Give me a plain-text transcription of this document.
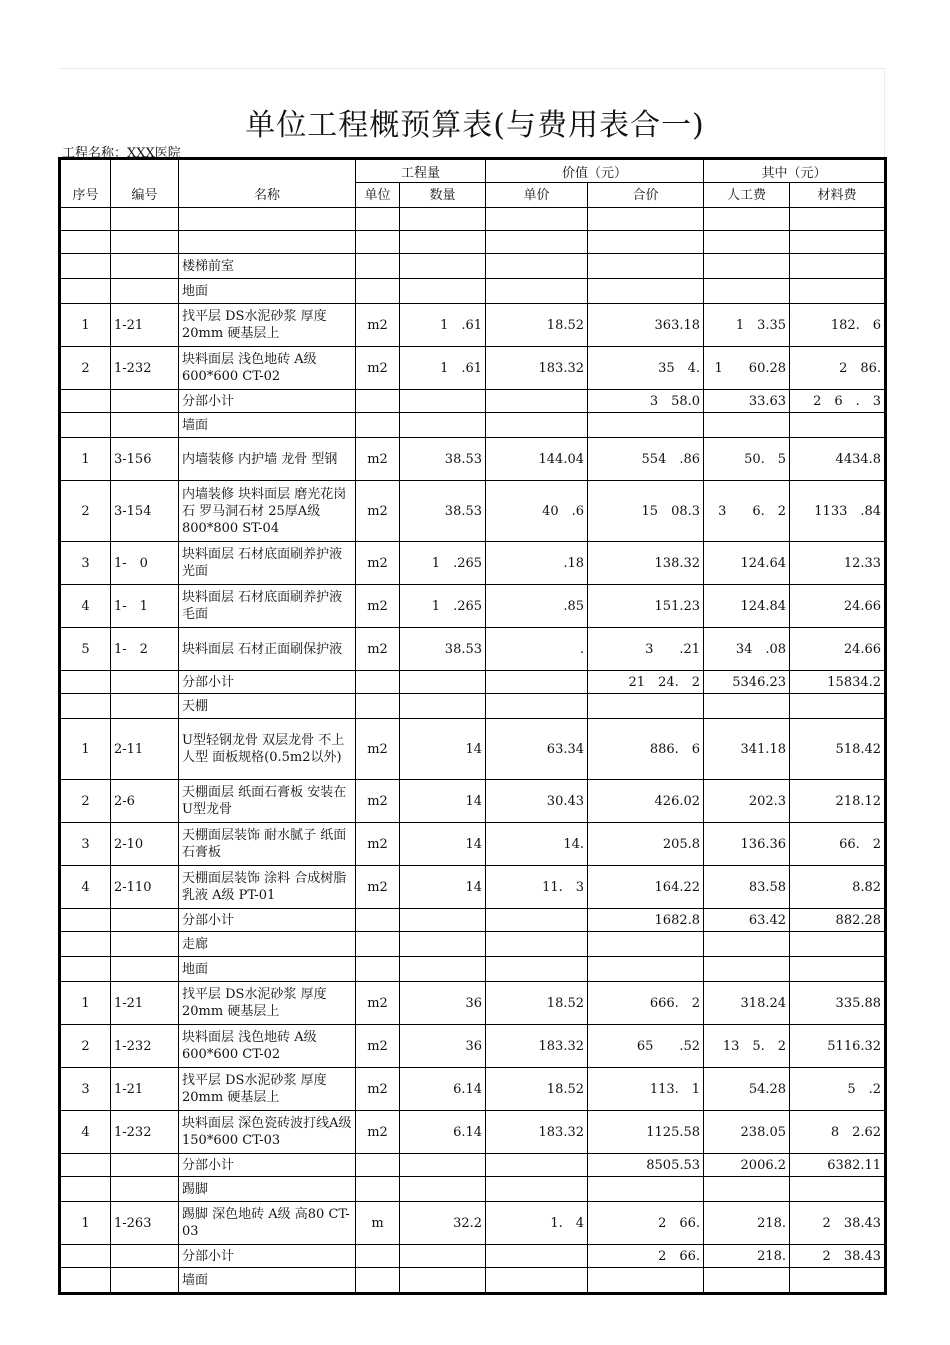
单位工程概预算表(与费用表合一)
工程名称：XXX医院
序号	编号	名称	工程量		价值（元）		其中（元）	
			单位	数量	单价	合价	人工费	材料费

		楼梯前室						
		地面						
1	1-21	找平层 DS水泥砂浆 厚度20mm 硬基层上	m2	1　.61	18.52	363.18	1　3.35	182.　6
2	1-232	块料面层 浅色地砖 A级600*600 CT-02	m2	1　.61	183.32	35　4.	1　　60.28	2　86.
		分部小计				3　58.0	33.63	2　6　.　3
		墙面						
1	3-156	内墙装修 内护墙 龙骨 型钢	m2	38.53	144.04	554　.86	50.　5	4434.8
2	3-154	内墙装修 块料面层 磨光花岗石 罗马洞石材 25厚A级 800*800 ST-04	m2	38.53	40　.6	15　08.3	3　　6.　2	1133　.84
3	1-　0	块料面层 石材底面刷养护液 光面	m2	1　.265	.18	138.32	124.64	12.33
4	1-　1	块料面层 石材底面刷养护液 毛面	m2	1　.265	.85	151.23	124.84	24.66
5	1-　2	块料面层 石材正面刷保护液	m2	38.53	.	3　　.21	34　.08	24.66
		分部小计				21　24.　2	5346.23	15834.2
		天棚						
1	2-11	U型轻钢龙骨 双层龙骨 不上人型 面板规格(0.5m2以外)	m2	14	63.34	886.　6	341.18	518.42
2	2-6	天棚面层 纸面石膏板 安装在U型龙骨	m2	14	30.43	426.02	202.3	218.12
3	2-10	天棚面层装饰 耐水腻子 纸面石膏板	m2	14	14.	205.8	136.36	66.　2
4	2-110	天棚面层装饰 涂料 合成树脂乳液 A级 PT-01	m2	14	11.　3	164.22	83.58	8.82
		分部小计				1682.8	63.42	882.28
		走廊						
		地面						
1	1-21	找平层 DS水泥砂浆 厚度20mm 硬基层上	m2	36	18.52	666.　2	318.24	335.88
2	1-232	块料面层 浅色地砖 A级600*600 CT-02	m2	36	183.32	65　　.52	13　5.　2	5116.32
3	1-21	找平层 DS水泥砂浆 厚度20mm 硬基层上	m2	6.14	18.52	113.　1	54.28	5　.2
4	1-232	块料面层 深色瓷砖波打线A级 150*600 CT-03	m2	6.14	183.32	1125.58	238.05	8　2.62
		分部小计				8505.53	2006.2	6382.11
		踢脚						
1	1-263	踢脚 深色地砖 A级 高80 CT-03	m	32.2	1.　4	2　66.	218.	2　38.43
		分部小计				2　66.	218.	2　38.43
		墙面						
